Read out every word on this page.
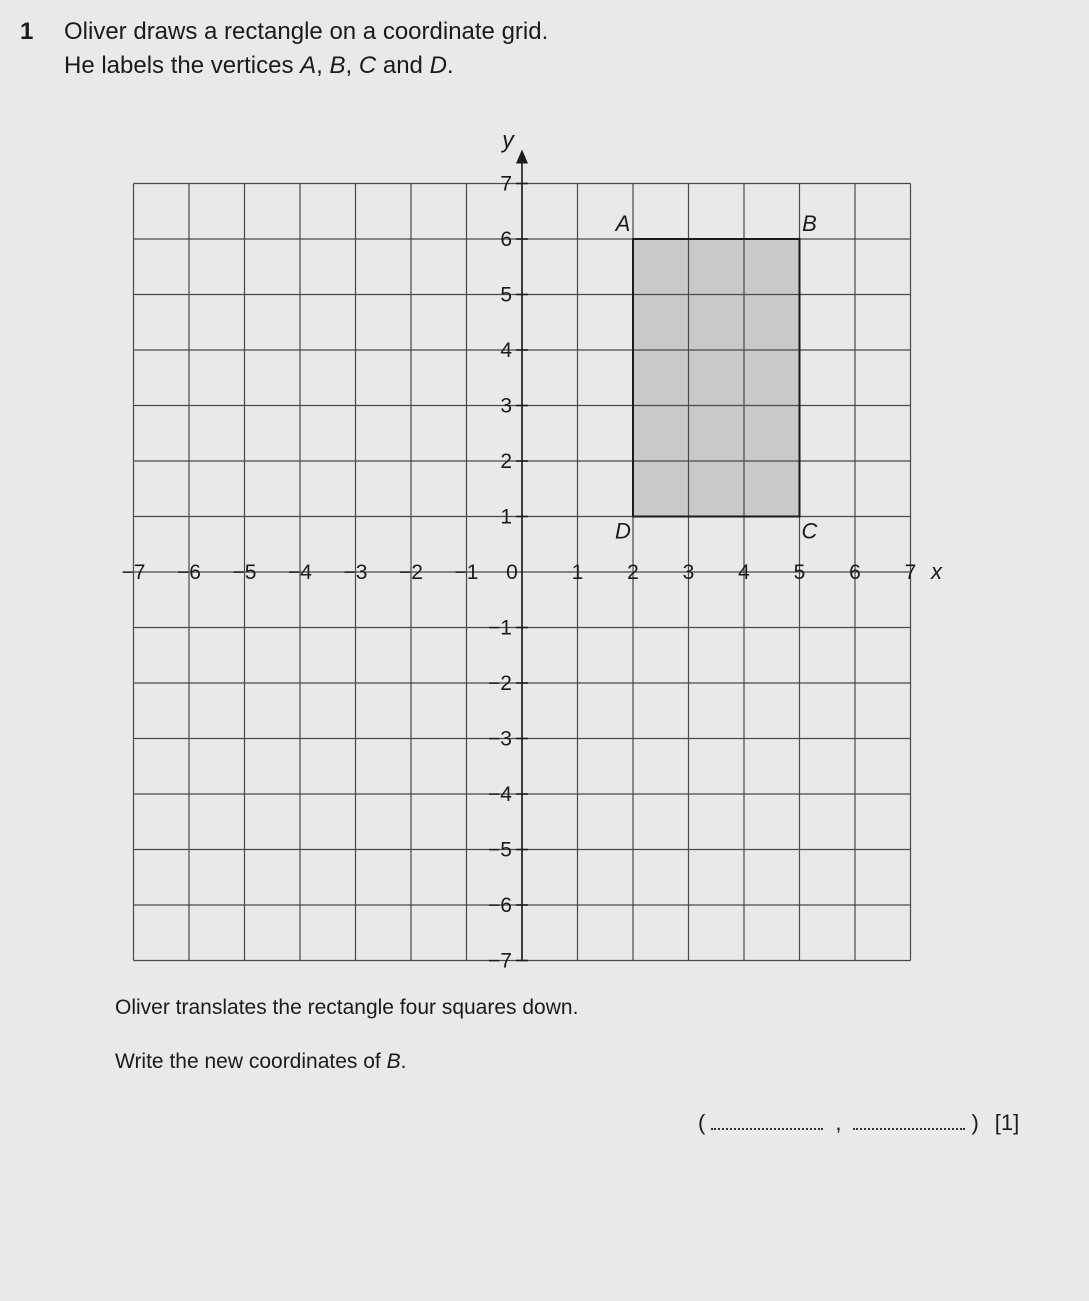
1 Oliver draws a rectangle on a coordinate grid.
He labels the vertices A, B, C and D.
−7 −6 −5 −4 −3 −2 −1 0	1 2 3 4 5 6 7 x
7
6
5
4
3
2
1
−1
−2
−3
−4
−5
−6
−7
y
A	B
C
D
Oliver translates the rectangle four squares down.
Write the new coordinates of B.
(	,	) [1]
